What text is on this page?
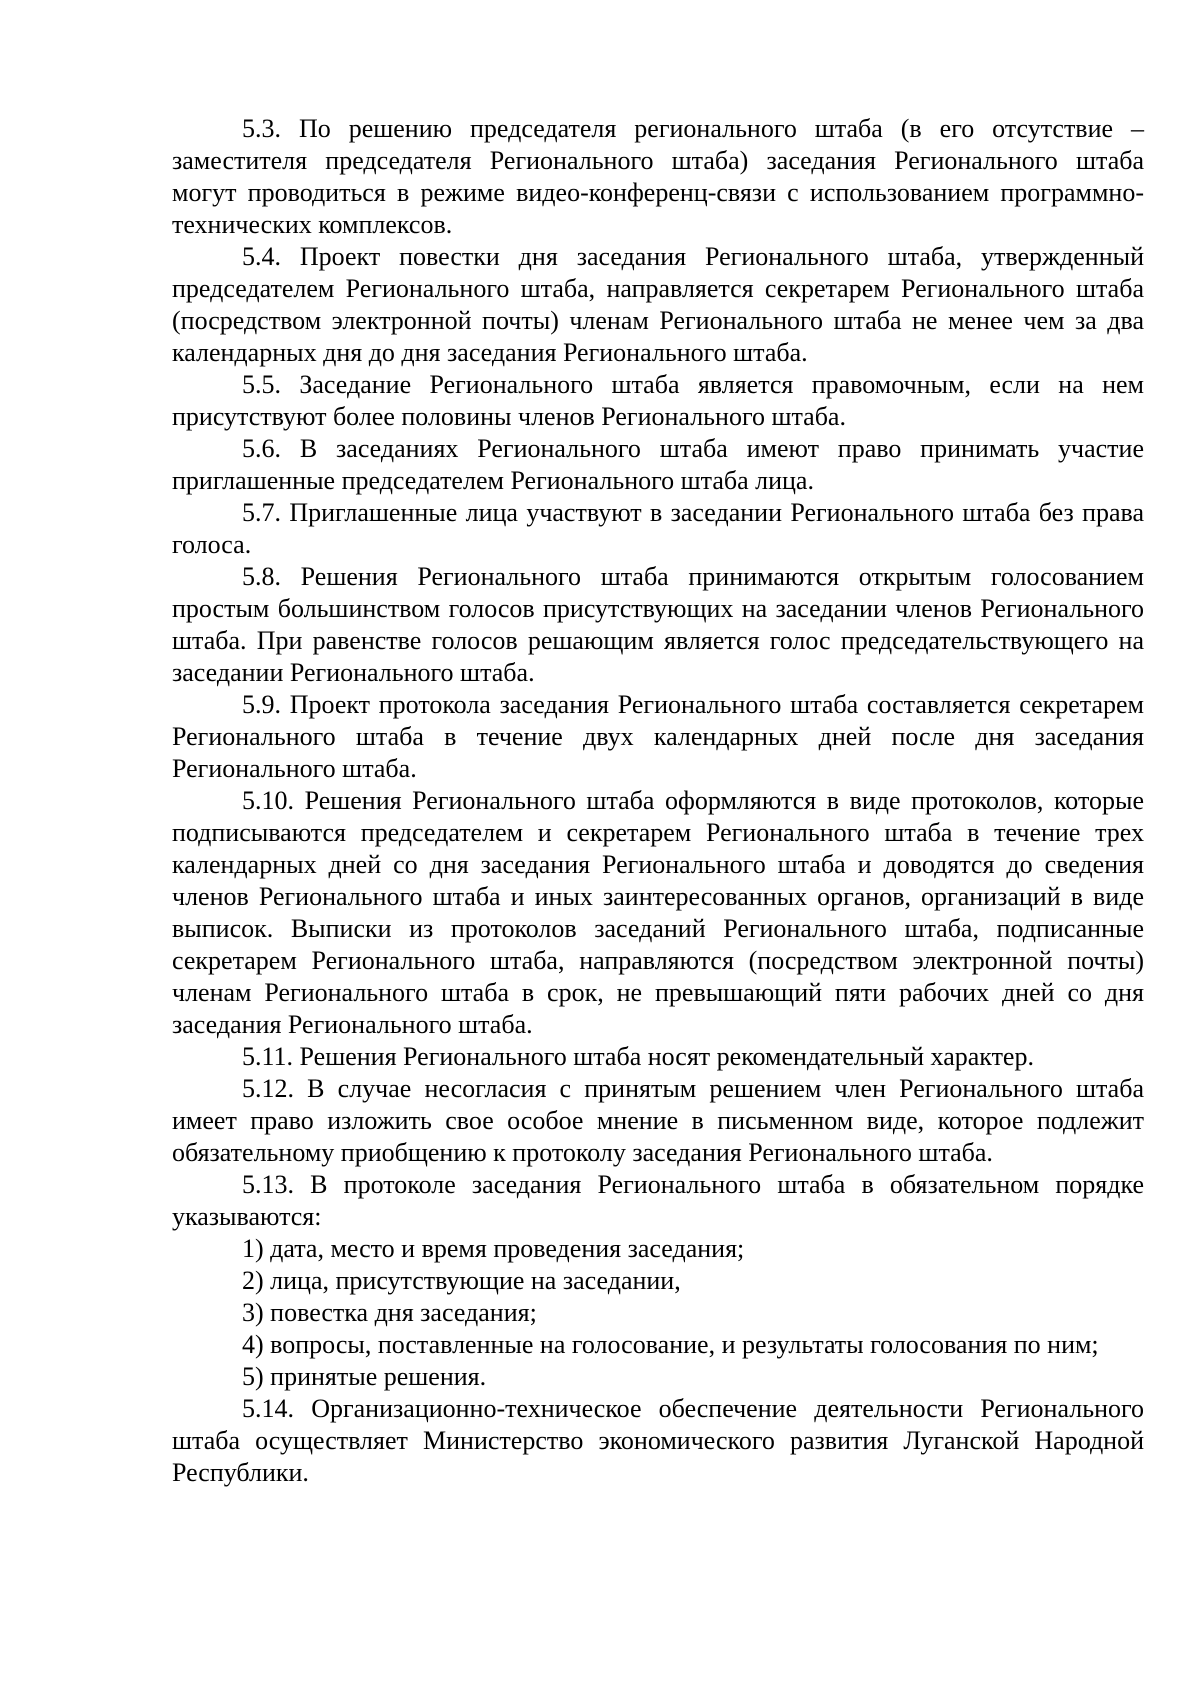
5.3. По решению председателя регионального штаба (в его отсутствие – заместителя председателя Регионального штаба) заседания Регионального штаба могут проводиться в режиме видео-конференц-связи с использованием программно-технических комплексов.

5.4. Проект повестки дня заседания Регионального штаба, утвержденный председателем Регионального штаба, направляется секретарем Регионального штаба (посредством электронной почты) членам Регионального штаба не менее чем за два календарных дня до дня заседания Регионального штаба.

5.5. Заседание Регионального штаба является правомочным, если на нем присутствуют более половины членов Регионального штаба.

5.6. В заседаниях Регионального штаба имеют право принимать участие приглашенные председателем Регионального штаба лица.

5.7. Приглашенные лица участвуют в заседании Регионального штаба без права голоса.

5.8. Решения Регионального штаба принимаются открытым голосованием простым большинством голосов присутствующих на заседании членов Регионального штаба. При равенстве голосов решающим является голос председательствующего на заседании Регионального штаба.

5.9. Проект протокола заседания Регионального штаба составляется секретарем Регионального штаба в течение двух календарных дней после дня заседания Регионального штаба.

5.10. Решения Регионального штаба оформляются в виде протоколов, которые подписываются председателем и секретарем Регионального штаба в течение трех календарных дней со дня заседания Регионального штаба и доводятся до сведения членов Регионального штаба и иных заинтересованных органов, организаций в виде выписок. Выписки из протоколов заседаний Регионального штаба, подписанные секретарем Регионального штаба, направляются (посредством электронной почты) членам Регионального штаба в срок, не превышающий пяти рабочих дней со дня заседания Регионального штаба.

5.11. Решения Регионального штаба носят рекомендательный характер.

5.12. В случае несогласия с принятым решением член Регионального штаба имеет право изложить свое особое мнение в письменном виде, которое подлежит обязательному приобщению к протоколу заседания Регионального штаба.

5.13. В протоколе заседания Регионального штаба в обязательном порядке указываются:

1) дата, место и время проведения заседания;

2) лица, присутствующие на заседании,

3) повестка дня заседания;

4) вопросы, поставленные на голосование, и результаты голосования по ним;

5) принятые решения.

5.14. Организационно-техническое обеспечение деятельности Регионального штаба осуществляет Министерство экономического развития Луганской Народной Республики.
